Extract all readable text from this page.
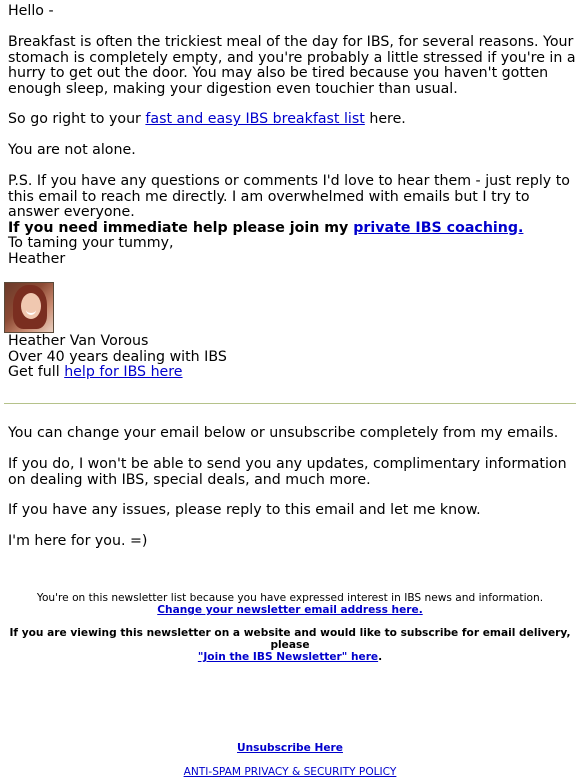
Hello -

Breakfast is often the trickiest meal of the day for IBS, for several reasons. Your stomach is completely empty, and you're probably a little stressed if you're in a hurry to get out the door. You may also be tired because you haven't gotten enough sleep, making your digestion even touchier than usual.

So go right to your fast and easy IBS breakfast list here.

You are not alone.

P.S. If you have any questions or comments I'd love to hear them - just reply to this email to reach me directly. I am overwhelmed with emails but I try to answer everyone.
If you need immediate help please join my private IBS coaching.

To taming your tummy,
Heather

Heather Van Vorous
Over 40 years dealing with IBS
Get full help for IBS here

You can change your email below or unsubscribe completely from my emails.

If you do, I won't be able to send you any updates, complimentary information on dealing with IBS, special deals, and much more.

If you have any issues, please reply to this email and let me know.

I'm here for you. =)

You're on this newsletter list because you have expressed interest in IBS news and information.
Change your newsletter email address here.
If you are viewing this newsletter on a website and would like to subscribe for email delivery, please
"Join the IBS Newsletter" here.
Unsubscribe Here
ANTI-SPAM PRIVACY & SECURITY POLICY
